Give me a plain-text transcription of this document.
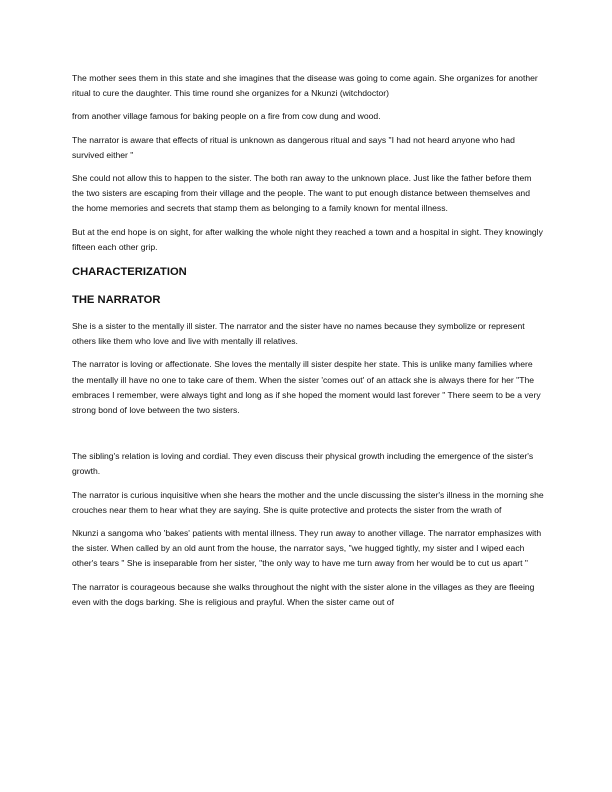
The mother sees them in this state and she imagines that the disease was going to come again. She organizes for another ritual to cure the daughter. This time round she organizes for a Nkunzi (witchdoctor)

from another village famous for baking people on a fire from cow dung and wood.

The narrator is aware that effects of ritual is unknown as dangerous ritual and says "I had not heard anyone who had survived either "

She could not allow this to happen to the sister. The both ran away to the unknown place. Just like the father before them the two sisters are escaping from their village and the people. The want to put enough distance between themselves and the home memories and secrets that stamp them as belonging to a family known for mental illness.

But at the end hope is on sight, for after walking the whole night they reached a town and a hospital in sight. They knowingly fifteen each other grip.

CHARACTERIZATION
THE NARRATOR

She is a sister to the mentally ill sister. The narrator and the sister have no names because they symbolize or represent others like them who love and live with mentally ill relatives.

The narrator is loving or affectionate. She loves the mentally ill sister despite her state. This is unlike many families where the mentally ill have no one to take care of them. When the sister 'comes out' of an attack she is always there for her "The embraces I remember, were always tight and long as if she hoped the moment would last forever " There seem to be a very strong bond of love between the two sisters.

The sibling's relation is loving and cordial. They even discuss their physical growth including the emergence of the sister's growth.

The narrator is curious inquisitive when she hears the mother and the uncle discussing the sister's illness in the morning she crouches near them to hear what they are saying. She is quite protective and protects the sister from the wrath of

Nkunzi a sangoma who 'bakes' patients with mental illness. They run away to another village. The narrator emphasizes with the sister. When called by an old aunt from the house, the narrator says, "we hugged tightly, my sister and I wiped each other's tears " She is inseparable from her sister, "the only way to have me turn away from her would be to cut us apart "

The narrator is courageous because she walks throughout the night with the sister alone in the villages as they are fleeing even with the dogs barking. She is religious and prayful. When the sister came out of
